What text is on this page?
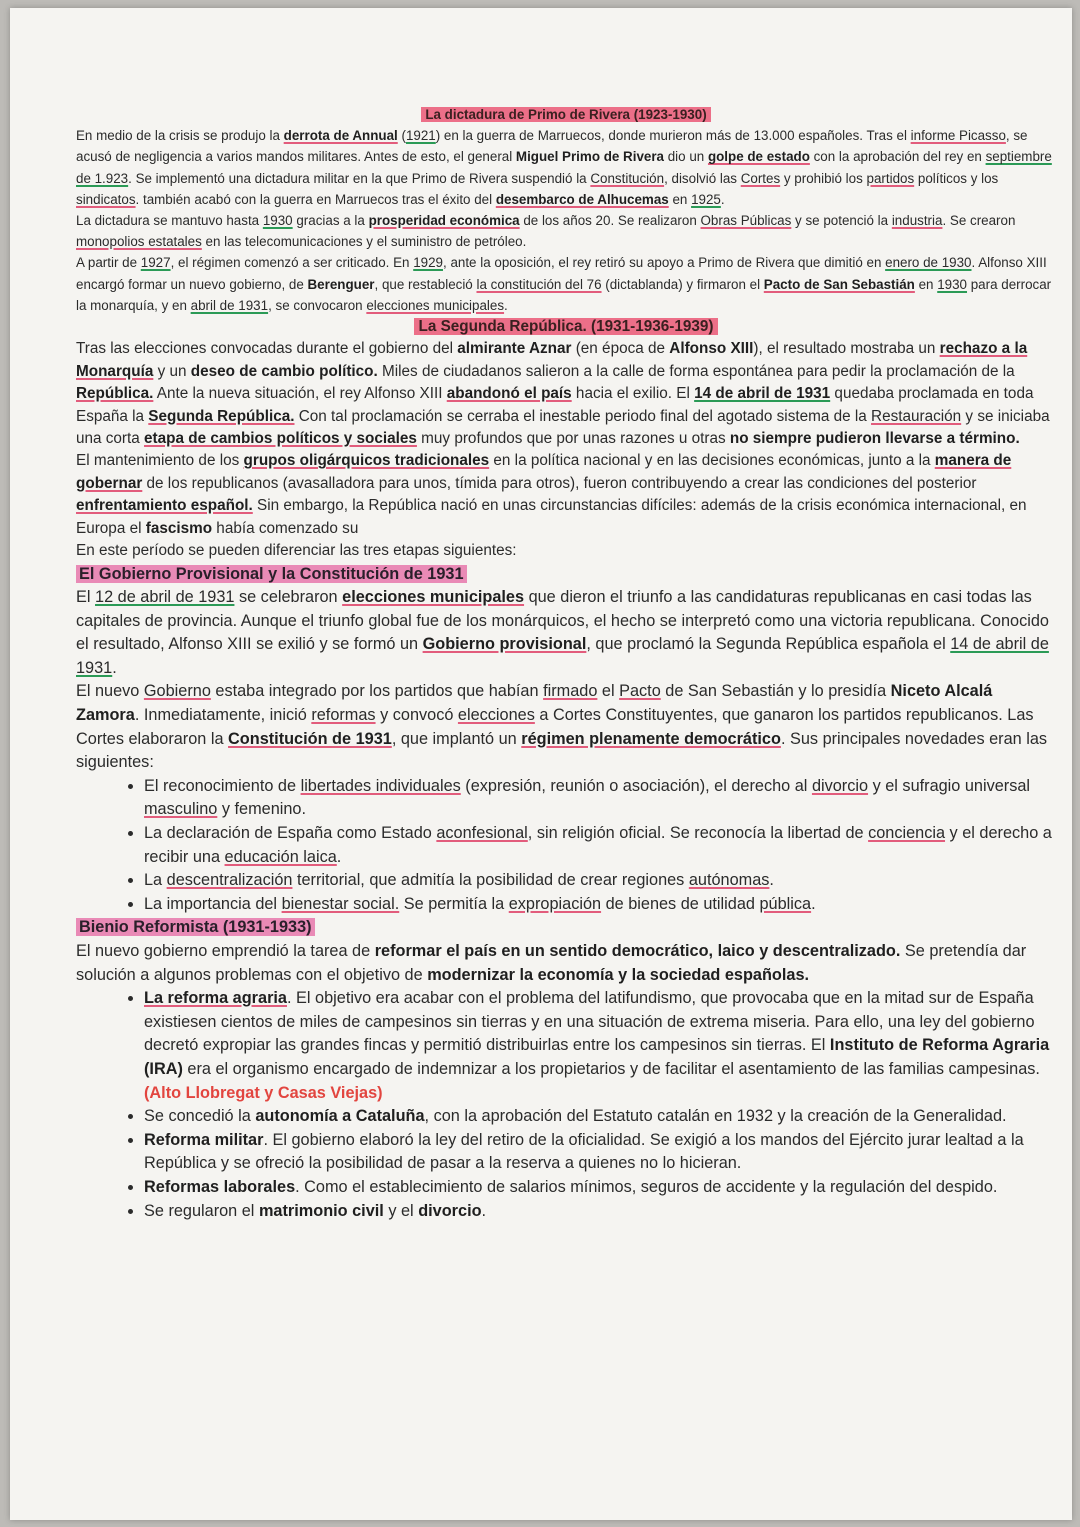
La dictadura de Primo de Rivera (1923-1930)

En medio de la crisis se produjo la derrota de Annual (1921) en la guerra de Marruecos, donde murieron más de 13.000 españoles. Tras el informe Picasso, se acusó de negligencia a varios mandos militares. Antes de esto, el general Miguel Primo de Rivera dio un golpe de estado con la aprobación del rey en septiembre de 1.923. Se implementó una dictadura militar en la que Primo de Rivera suspendió la Constitución, disolvió las Cortes y prohibió los partidos políticos y los sindicatos. también acabó con la guerra en Marruecos tras el éxito del desembarco de Alhucemas en 1925.

La dictadura se mantuvo hasta 1930 gracias a la prosperidad económica de los años 20. Se realizaron Obras Públicas y se potenció la industria. Se crearon monopolios estatales en las telecomunicaciones y el suministro de petróleo.

A partir de 1927, el régimen comenzó a ser criticado. En 1929, ante la oposición, el rey retiró su apoyo a Primo de Rivera que dimitió en enero de 1930. Alfonso XIII encargó formar un nuevo gobierno, de Berenguer, que restableció la constitución del 76 (dictablanda) y firmaron el Pacto de San Sebastián en 1930 para derrocar la monarquía, y en abril de 1931, se convocaron elecciones municipales.

La Segunda República. (1931-1936-1939)

Tras las elecciones convocadas durante el gobierno del almirante Aznar (en época de Alfonso XIII), el resultado mostraba un rechazo a la Monarquía y un deseo de cambio político. Miles de ciudadanos salieron a la calle de forma espontánea para pedir la proclamación de la República. Ante la nueva situación, el rey Alfonso XIII abandonó el país hacia el exilio. El 14 de abril de 1931 quedaba proclamada en toda España la Segunda República. Con tal proclamación se cerraba el inestable periodo final del agotado sistema de la Restauración y se iniciaba una corta etapa de cambios políticos y sociales muy profundos que por unas razones u otras no siempre pudieron llevarse a término.

El mantenimiento de los grupos oligárquicos tradicionales en la política nacional y en las decisiones económicas, junto a la manera de gobernar de los republicanos (avasalladora para unos, tímida para otros), fueron contribuyendo a crear las condiciones del posterior enfrentamiento español. Sin embargo, la República nació en unas circunstancias difíciles: además de la crisis económica internacional, en Europa el fascismo había comenzado su

En este período se pueden diferenciar las tres etapas siguientes:

El Gobierno Provisional y la Constitución de 1931

El 12 de abril de 1931 se celebraron elecciones municipales que dieron el triunfo a las candidaturas republicanas en casi todas las capitales de provincia. Aunque el triunfo global fue de los monárquicos, el hecho se interpretó como una victoria republicana. Conocido el resultado, Alfonso XIII se exilió y se formó un Gobierno provisional, que proclamó la Segunda República española el 14 de abril de 1931.

El nuevo Gobierno estaba integrado por los partidos que habían firmado el Pacto de San Sebastián y lo presidía Niceto Alcalá Zamora. Inmediatamente, inició reformas y convocó elecciones a Cortes Constituyentes, que ganaron los partidos republicanos. Las Cortes elaboraron la Constitución de 1931, que implantó un régimen plenamente democrático. Sus principales novedades eran las siguientes:

• El reconocimiento de libertades individuales (expresión, reunión o asociación), el derecho al divorcio y el sufragio universal masculino y femenino.
• La declaración de España como Estado aconfesional, sin religión oficial. Se reconocía la libertad de conciencia y el derecho a recibir una educación laica.
• La descentralización territorial, que admitía la posibilidad de crear regiones autónomas.
• La importancia del bienestar social. Se permitía la expropiación de bienes de utilidad pública.

Bienio Reformista (1931-1933)

El nuevo gobierno emprendió la tarea de reformar el país en un sentido democrático, laico y descentralizado. Se pretendía dar solución a algunos problemas con el objetivo de modernizar la economía y la sociedad españolas.

• La reforma agraria. El objetivo era acabar con el problema del latifundismo, que provocaba que en la mitad sur de España existiesen cientos de miles de campesinos sin tierras y en una situación de extrema miseria. Para ello, una ley del gobierno decretó expropiar las grandes fincas y permitió distribuirlas entre los campesinos sin tierras. El Instituto de Reforma Agraria (IRA) era el organismo encargado de indemnizar a los propietarios y de facilitar el asentamiento de las familias campesinas. (Alto Llobregat y Casas Viejas)
• Se concedió la autonomía a Cataluña, con la aprobación del Estatuto catalán en 1932 y la creación de la Generalidad.
• Reforma militar. El gobierno elaboró la ley del retiro de la oficialidad. Se exigió a los mandos del Ejército jurar lealtad a la República y se ofreció la posibilidad de pasar a la reserva a quienes no lo hicieran.
• Reformas laborales. Como el establecimiento de salarios mínimos, seguros de accidente y la regulación del despido.
• Se regularon el matrimonio civil y el divorcio.
